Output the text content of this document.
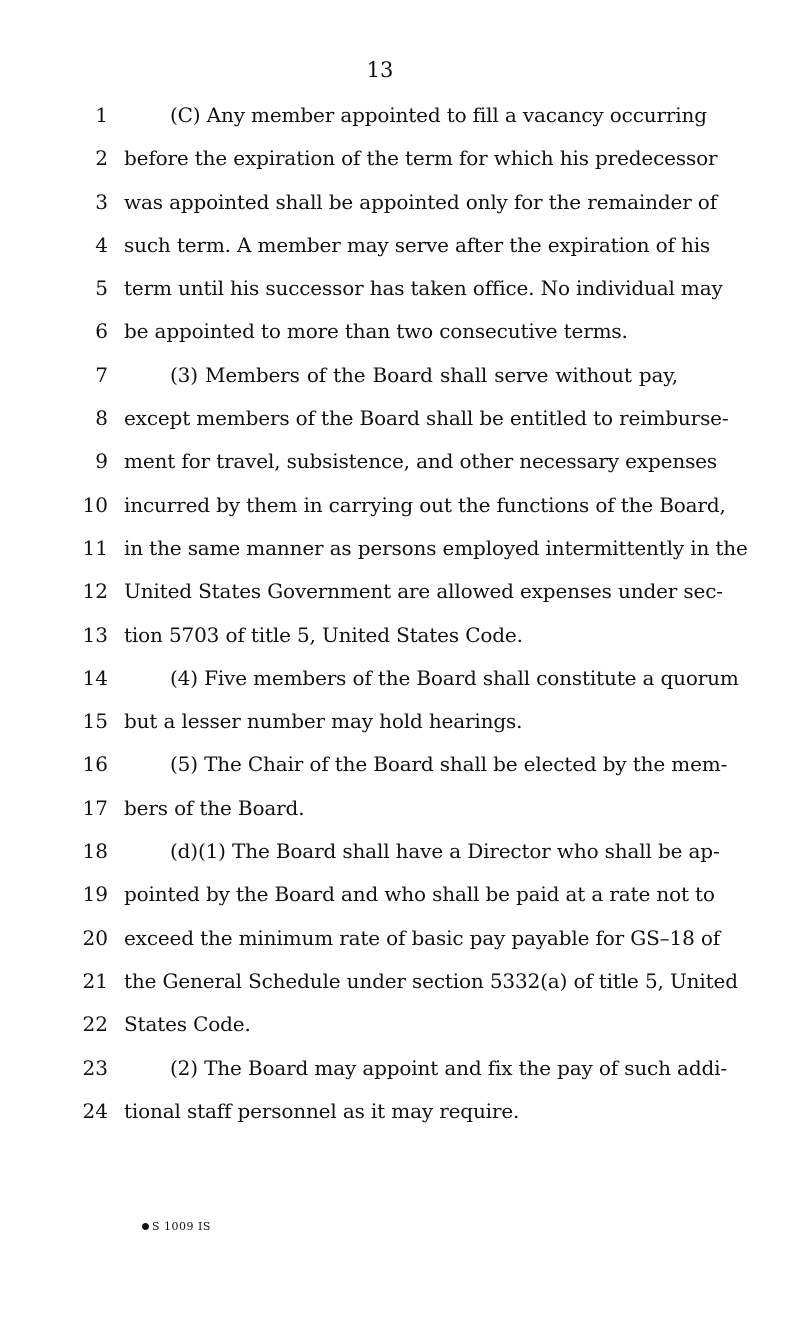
13
1	(C) Any member appointed to fill a vacancy occurring
2 before the expiration of the term for which his predecessor
3 was appointed shall be appointed only for the remainder of
4 such term. A member may serve after the expiration of his
5 term until his successor has taken office. No individual may
6 be appointed to more than two consecutive terms.
7	(3) Members of the Board shall serve without pay,
8 except members of the Board shall be entitled to reimburse-
9 ment for travel, subsistence, and other necessary expenses
10 incurred by them in carrying out the functions of the Board,
11 in the same manner as persons employed intermittently in the
12 United States Government are allowed expenses under sec-
13 tion 5703 of title 5, United States Code.
14	(4) Five members of the Board shall constitute a quorum
15 but a lesser number may hold hearings.
16	(5) The Chair of the Board shall be elected by the mem-
17 bers of the Board.
18	(d)(1) The Board shall have a Director who shall be ap-
19 pointed by the Board and who shall be paid at a rate not to
20 exceed the minimum rate of basic pay payable for GS–18 of
21 the General Schedule under section 5332(a) of title 5, United
22 States Code.
23	(2) The Board may appoint and fix the pay of such addi-
24 tional staff personnel as it may require.
S 1009 IS
